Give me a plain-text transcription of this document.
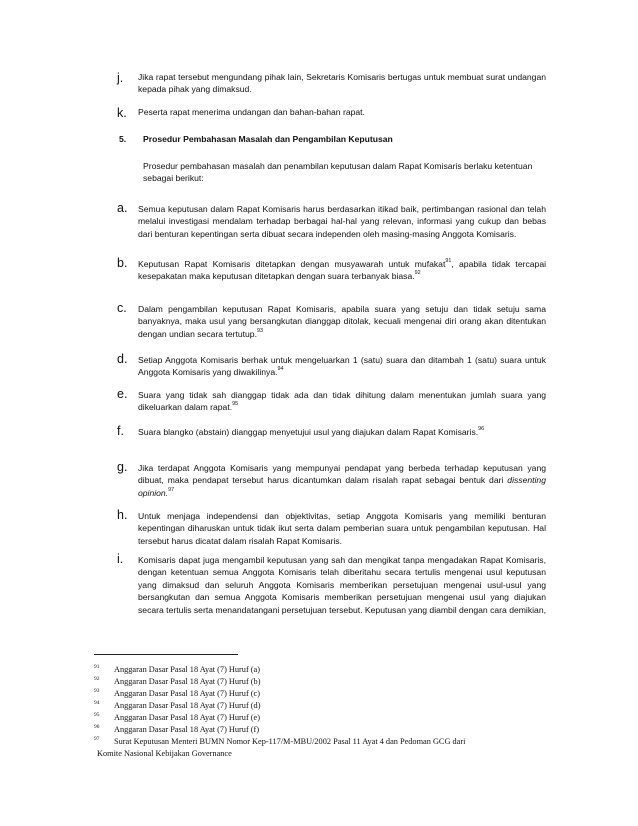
j. Jika rapat tersebut mengundang pihak lain, Sekretaris Komisaris bertugas untuk membuat surat undangan kepada pihak yang dimaksud.
k. Peserta rapat menerima undangan dan bahan-bahan rapat.
5. Prosedur Pembahasan Masalah dan Pengambilan Keputusan
Prosedur pembahasan masalah dan penambilan keputusan dalam Rapat Komisaris berlaku ketentuan sebagai berikut:
a. Semua keputusan dalam Rapat Komisaris harus berdasarkan itikad baik, pertimbangan rasional dan telah melalui investigasi mendalam terhadap berbagai hal-hal yang relevan, informasi yang cukup dan bebas dari benturan kepentingan serta dibuat secara independen oleh masing-masing Anggota Komisaris.
b. Keputusan Rapat Komisaris ditetapkan dengan musyawarah untuk mufakat$^{91}$, apabila tidak tercapai kesepakatan maka keputusan ditetapkan dengan suara terbanyak biasa.$^{92}$
c. Dalam pengambilan keputusan Rapat Komisaris, apabila suara yang setuju dan tidak setuju sama banyaknya, maka usul yang bersangkutan dianggap ditolak, kecuali mengenai diri orang akan ditentukan dengan undian secara tertutup.$^{93}$
d. Setiap Anggota Komisaris berhak untuk mengeluarkan 1 (satu) suara dan ditambah 1 (satu) suara untuk Anggota Komisaris yang diwakilinya.$^{94}$
e. Suara yang tidak sah dianggap tidak ada dan tidak dihitung dalam menentukan jumlah suara yang dikeluarkan dalam rapat.$^{95}$
f. Suara blangko (abstain) dianggap menyetujui usul yang diajukan dalam Rapat Komisaris.$^{96}$
g. Jika terdapat Anggota Komisaris yang mempunyai pendapat yang berbeda terhadap keputusan yang dibuat, maka pendapat tersebut harus dicantumkan dalam risalah rapat sebagai bentuk dari dissenting opinion.$^{97}$
h. Untuk menjaga independensi dan objektivitas, setiap Anggota Komisaris yang memiliki benturan kepentingan diharuskan untuk tidak ikut serta dalam pemberian suara untuk pengambilan keputusan. Hal tersebut harus dicatat dalam risalah Rapat Komisaris.
i. Komisaris dapat juga mengambil keputusan yang sah dan mengikat tanpa mengadakan Rapat Komisaris, dengan ketentuan semua Anggota Komisaris telah diberitahu secara tertulis mengenai usul keputusan yang dimaksud dan seluruh Anggota Komisaris memberikan persetujuan mengenai usul-usul yang bersangkutan dan semua Anggota Komisaris memberikan persetujuan mengenai usul yang diajukan secara tertulis serta menandatangani persetujuan tersebut. Keputusan yang diambil dengan cara demikian,
91 Anggaran Dasar Pasal 18 Ayat (7) Huruf (a)
92 Anggaran Dasar Pasal 18 Ayat (7) Huruf (b)
93 Anggaran Dasar Pasal 18 Ayat (7) Huruf (c)
94 Anggaran Dasar Pasal 18 Ayat (7) Huruf (d)
95 Anggaran Dasar Pasal 18 Ayat (7) Huruf (e)
96 Anggaran Dasar Pasal 18 Ayat (7) Huruf (f)
97 Surat Keputusan Menteri BUMN Nomor Kep-117/M-MBU/2002 Pasal 11 Ayat 4 dan Pedoman GCG dari
Komite Nasional Kebijakan Governance
